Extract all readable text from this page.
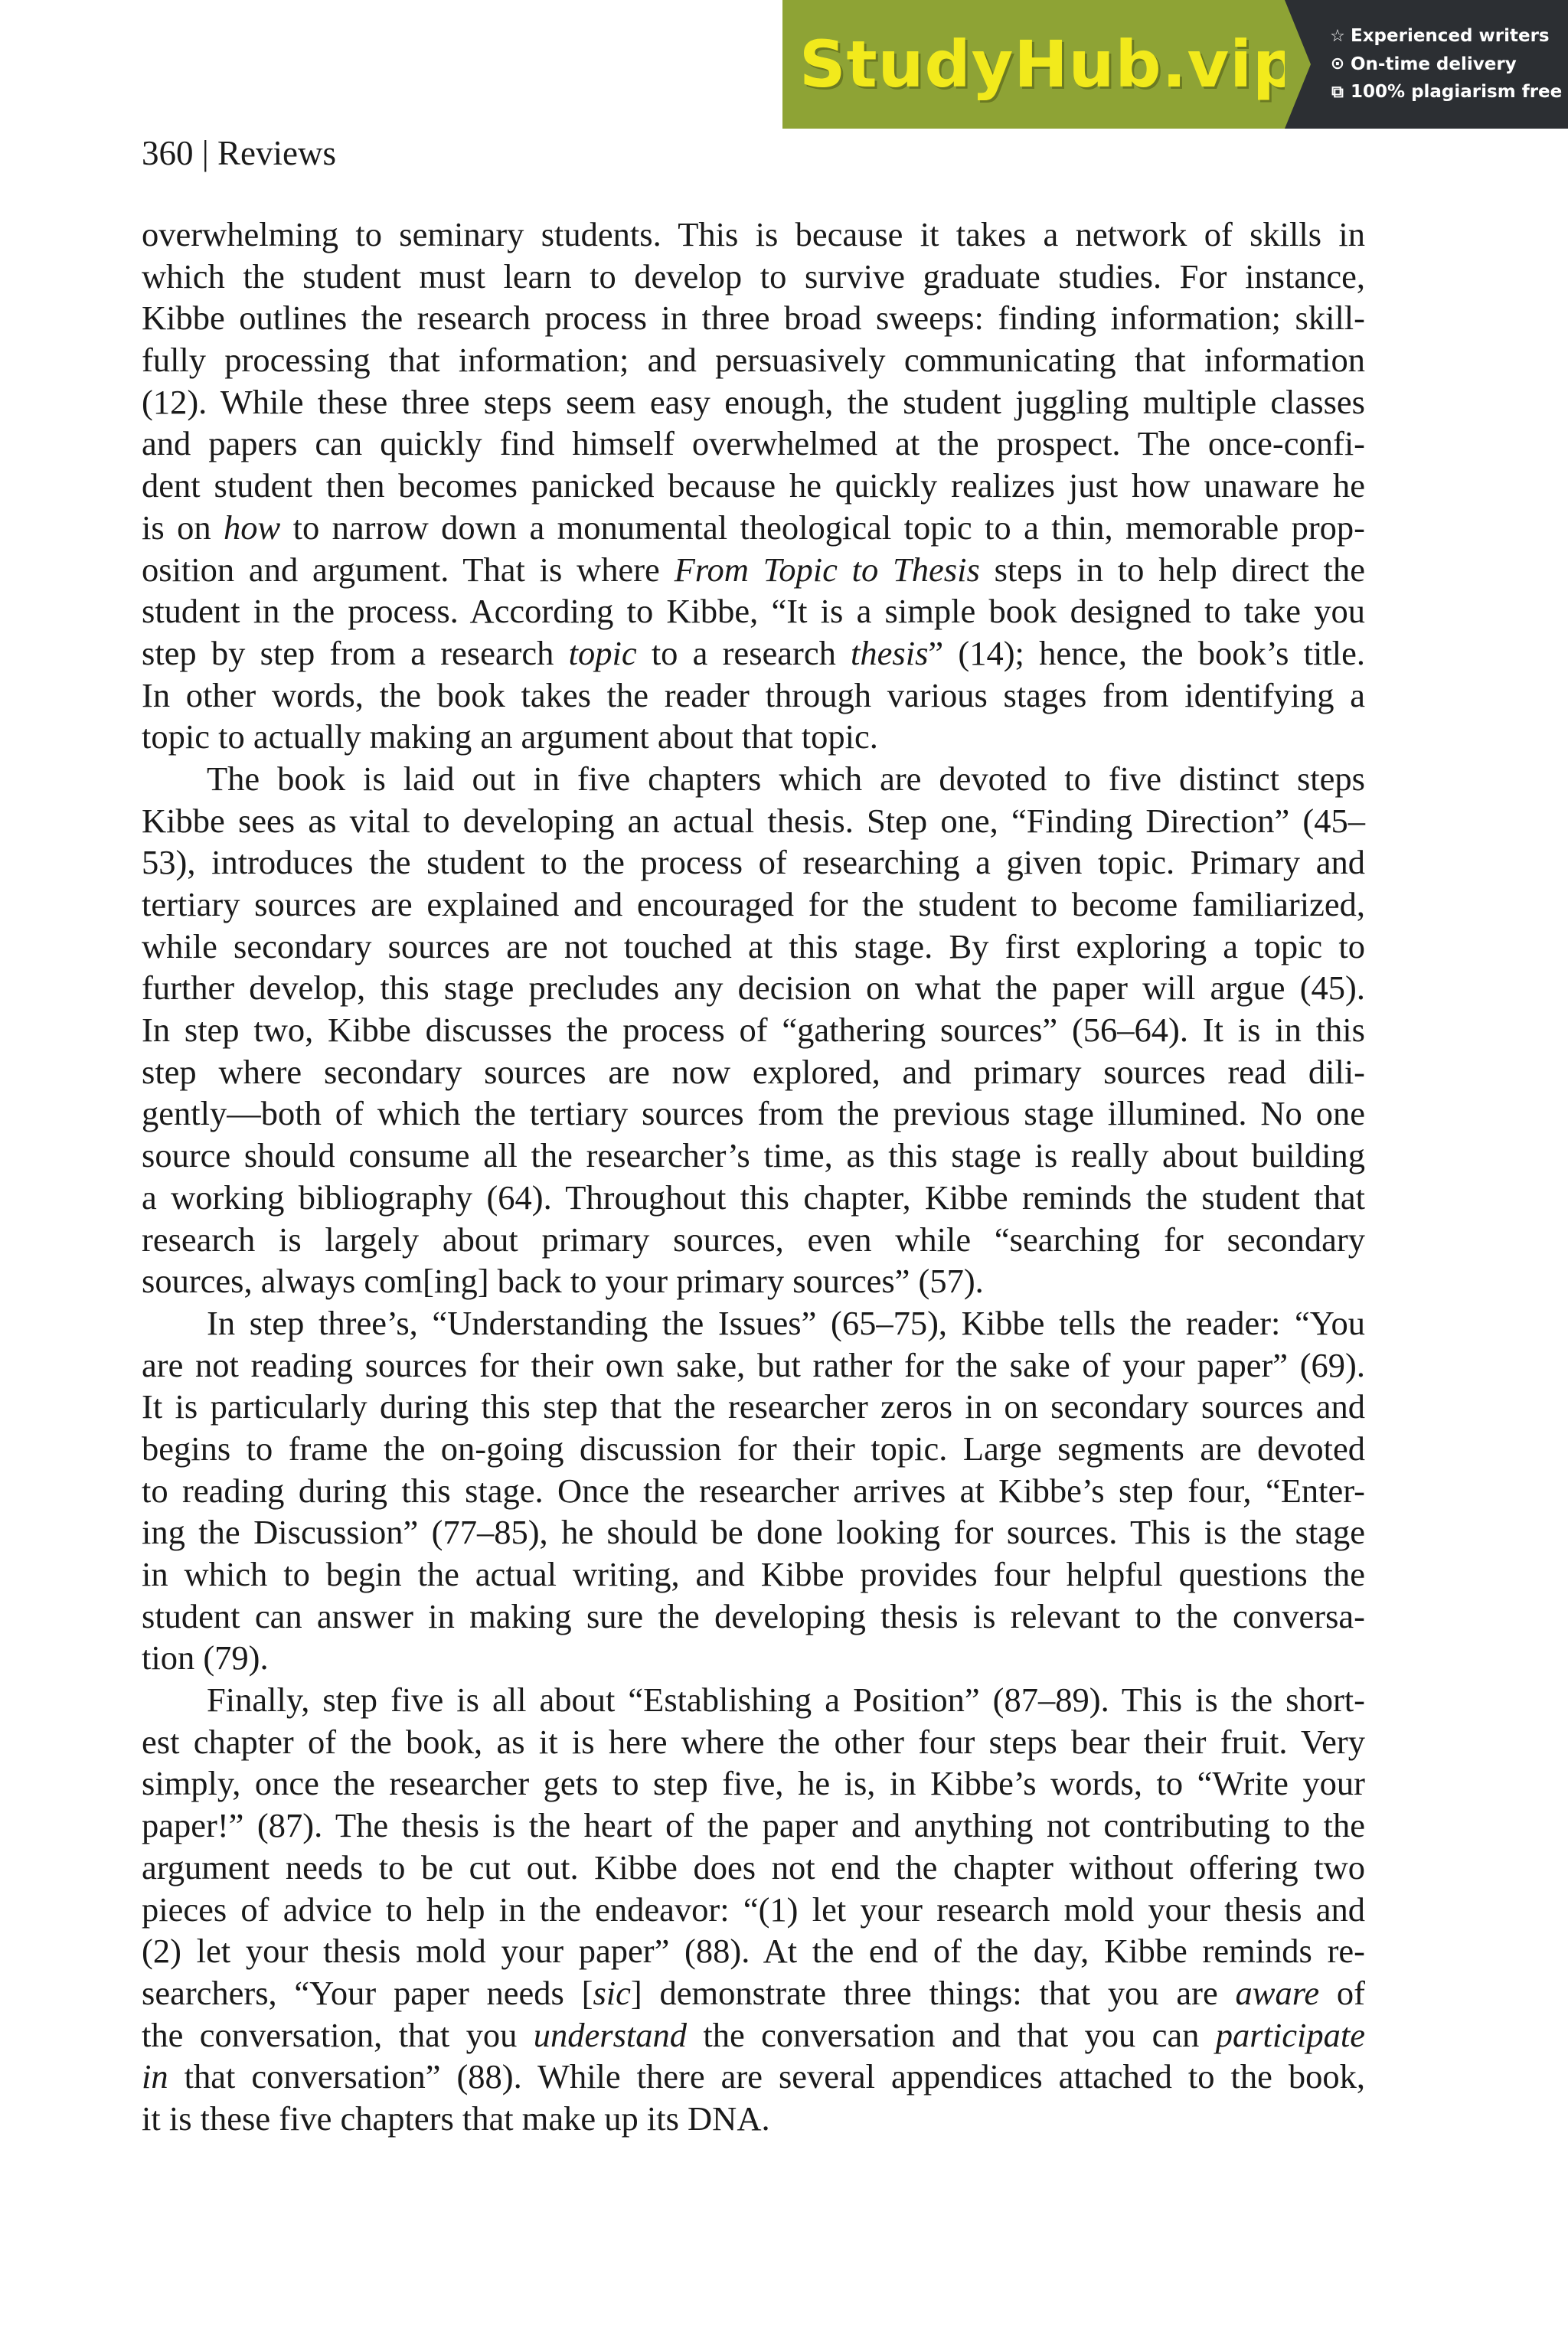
StudyHub.vip ☆ Experienced writers
⊙ On-time delivery
⧉ 100% plagiarism free
360 | Reviews
overwhelming to seminary students. This is because it takes a network of skills in
which the student must learn to develop to survive graduate studies. For instance,
Kibbe outlines the research process in three broad sweeps: finding information; skill-
fully processing that information; and persuasively communicating that information
(12). While these three steps seem easy enough, the student juggling multiple classes
and papers can quickly find himself overwhelmed at the prospect. The once-confi-
dent student then becomes panicked because he quickly realizes just how unaware he
is on how to narrow down a monumental theological topic to a thin, memorable prop-
osition and argument. That is where From Topic to Thesis steps in to help direct the
student in the process. According to Kibbe, “It is a simple book designed to take you
step by step from a research topic to a research thesis” (14); hence, the book’s title.
In other words, the book takes the reader through various stages from identifying a
topic to actually making an argument about that topic.
The book is laid out in five chapters which are devoted to five distinct steps
Kibbe sees as vital to developing an actual thesis. Step one, “Finding Direction” (45–
53), introduces the student to the process of researching a given topic. Primary and
tertiary sources are explained and encouraged for the student to become familiarized,
while secondary sources are not touched at this stage. By first exploring a topic to
further develop, this stage precludes any decision on what the paper will argue (45).
In step two, Kibbe discusses the process of “gathering sources” (56–64). It is in this
step where secondary sources are now explored, and primary sources read dili-
gently—both of which the tertiary sources from the previous stage illumined. No one
source should consume all the researcher’s time, as this stage is really about building
a working bibliography (64). Throughout this chapter, Kibbe reminds the student that
research is largely about primary sources, even while “searching for secondary
sources, always com[ing] back to your primary sources” (57).
In step three’s, “Understanding the Issues” (65–75), Kibbe tells the reader: “You
are not reading sources for their own sake, but rather for the sake of your paper” (69).
It is particularly during this step that the researcher zeros in on secondary sources and
begins to frame the on-going discussion for their topic. Large segments are devoted
to reading during this stage. Once the researcher arrives at Kibbe’s step four, “Enter-
ing the Discussion” (77–85), he should be done looking for sources. This is the stage
in which to begin the actual writing, and Kibbe provides four helpful questions the
student can answer in making sure the developing thesis is relevant to the conversa-
tion (79).
Finally, step five is all about “Establishing a Position” (87–89). This is the short-
est chapter of the book, as it is here where the other four steps bear their fruit. Very
simply, once the researcher gets to step five, he is, in Kibbe’s words, to “Write your
paper!” (87). The thesis is the heart of the paper and anything not contributing to the
argument needs to be cut out. Kibbe does not end the chapter without offering two
pieces of advice to help in the endeavor: “(1) let your research mold your thesis and
(2) let your thesis mold your paper” (88). At the end of the day, Kibbe reminds re-
searchers, “Your paper needs [sic] demonstrate three things: that you are aware of
the conversation, that you understand the conversation and that you can participate
in that conversation” (88). While there are several appendices attached to the book,
it is these five chapters that make up its DNA.
